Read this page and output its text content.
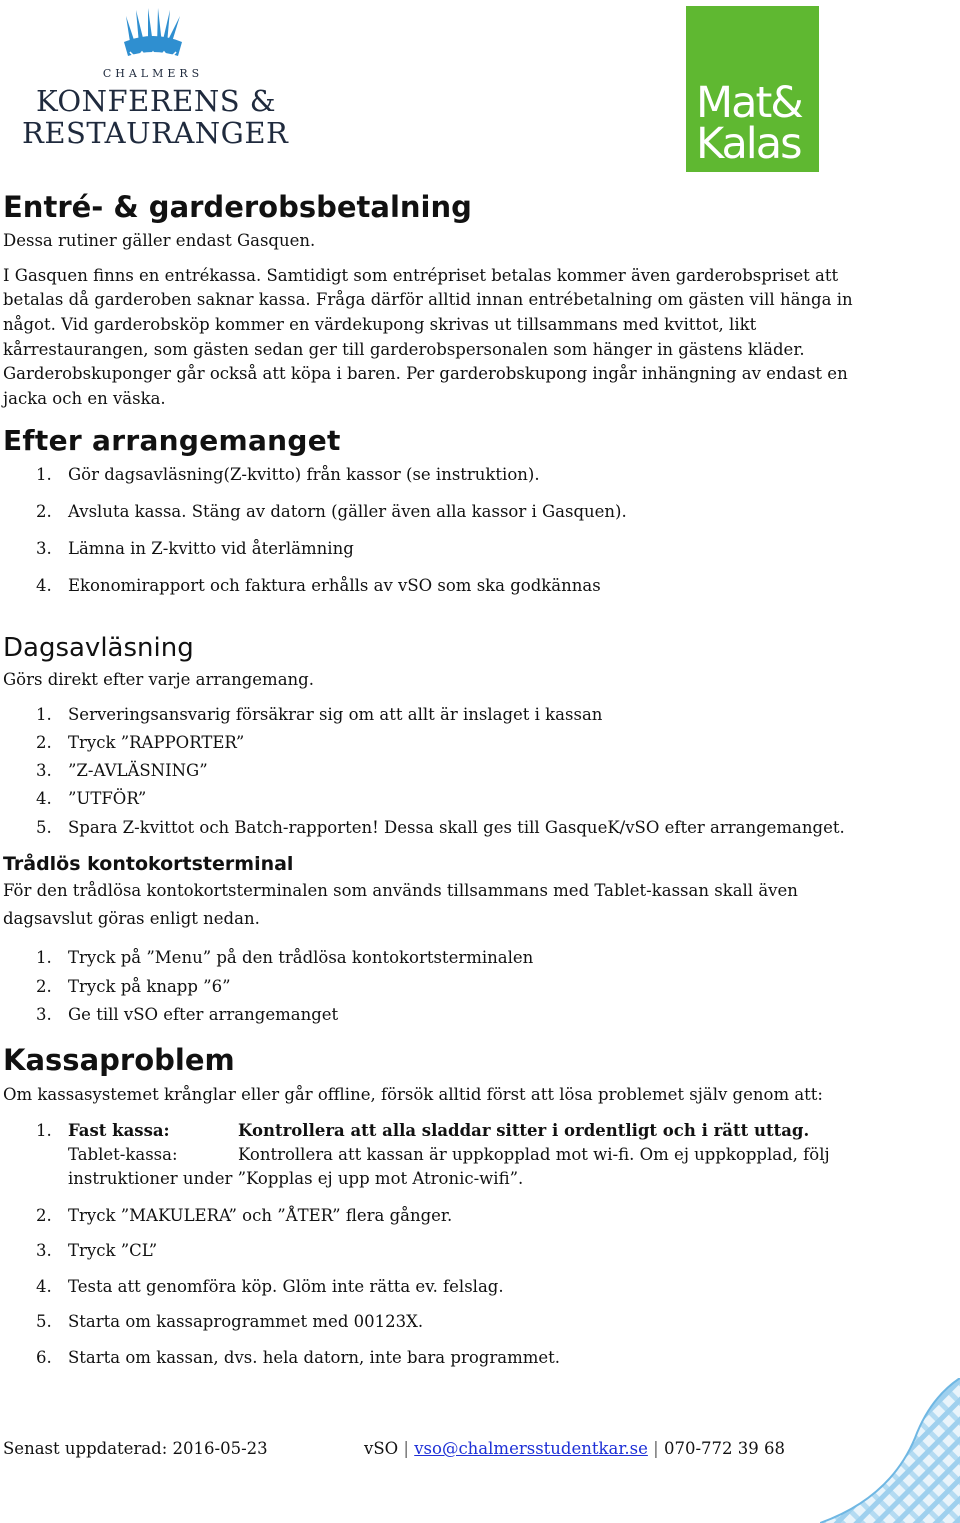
CHALMERS
KONFERENS &
RESTAURANGER
Mat&
Kalas
Entré- & garderobsbetalning
Dessa rutiner gäller endast Gasquen.
I Gasquen finns en entrékassa. Samtidigt som entrépriset betalas kommer även garderobspriset att
betalas då garderoben saknar kassa. Fråga därför alltid innan entrébetalning om gästen vill hänga in
något. Vid garderobsköp kommer en värdekupong skrivas ut tillsammans med kvittot, likt
kårrestaurangen, som gästen sedan ger till garderobspersonalen som hänger in gästens kläder.
Garderobskuponger går också att köpa i baren. Per garderobskupong ingår inhängning av endast en
jacka och en väska.
Efter arrangemanget
1. Gör dagsavläsning(Z-kvitto) från kassor (se instruktion).
2. Avsluta kassa. Stäng av datorn (gäller även alla kassor i Gasquen).
3. Lämna in Z-kvitto vid återlämning
4. Ekonomirapport och faktura erhålls av vSO som ska godkännas
Dagsavläsning
Görs direkt efter varje arrangemang.
1. Serveringsansvarig försäkrar sig om att allt är inslaget i kassan
2. Tryck ”RAPPORTER”
3. ”Z-AVLÄSNING”
4. ”UTFÖR”
5. Spara Z-kvittot och Batch-rapporten! Dessa skall ges till GasqueK/vSO efter arrangemanget.
Trådlös kontokortsterminal
För den trådlösa kontokortsterminalen som används tillsammans med Tablet-kassan skall även
dagsavslut göras enligt nedan.
1. Tryck på ”Menu” på den trådlösa kontokortsterminalen
2. Tryck på knapp ”6”
3. Ge till vSO efter arrangemanget
Kassaproblem
Om kassasystemet krånglar eller går offline, försök alltid först att lösa problemet själv genom att:
1. Fast kassa:	Kontrollera att alla sladdar sitter i ordentligt och i rätt uttag.
Tablet-kassa:	Kontrollera att kassan är uppkopplad mot wi-fi. Om ej uppkopplad, följ
instruktioner under ”Kopplas ej upp mot Atronic-wifi”.
2. Tryck ”MAKULERA” och ”ÅTER” flera gånger.
3. Tryck ”CL”
4. Testa att genomföra köp. Glöm inte rätta ev. felslag.
5. Starta om kassaprogrammet med 00123X.
6. Starta om kassan, dvs. hela datorn, inte bara programmet.
Senast uppdaterad: 2016-05-23	vSO | vso@chalmersstudentkar.se | 070-772 39 68
